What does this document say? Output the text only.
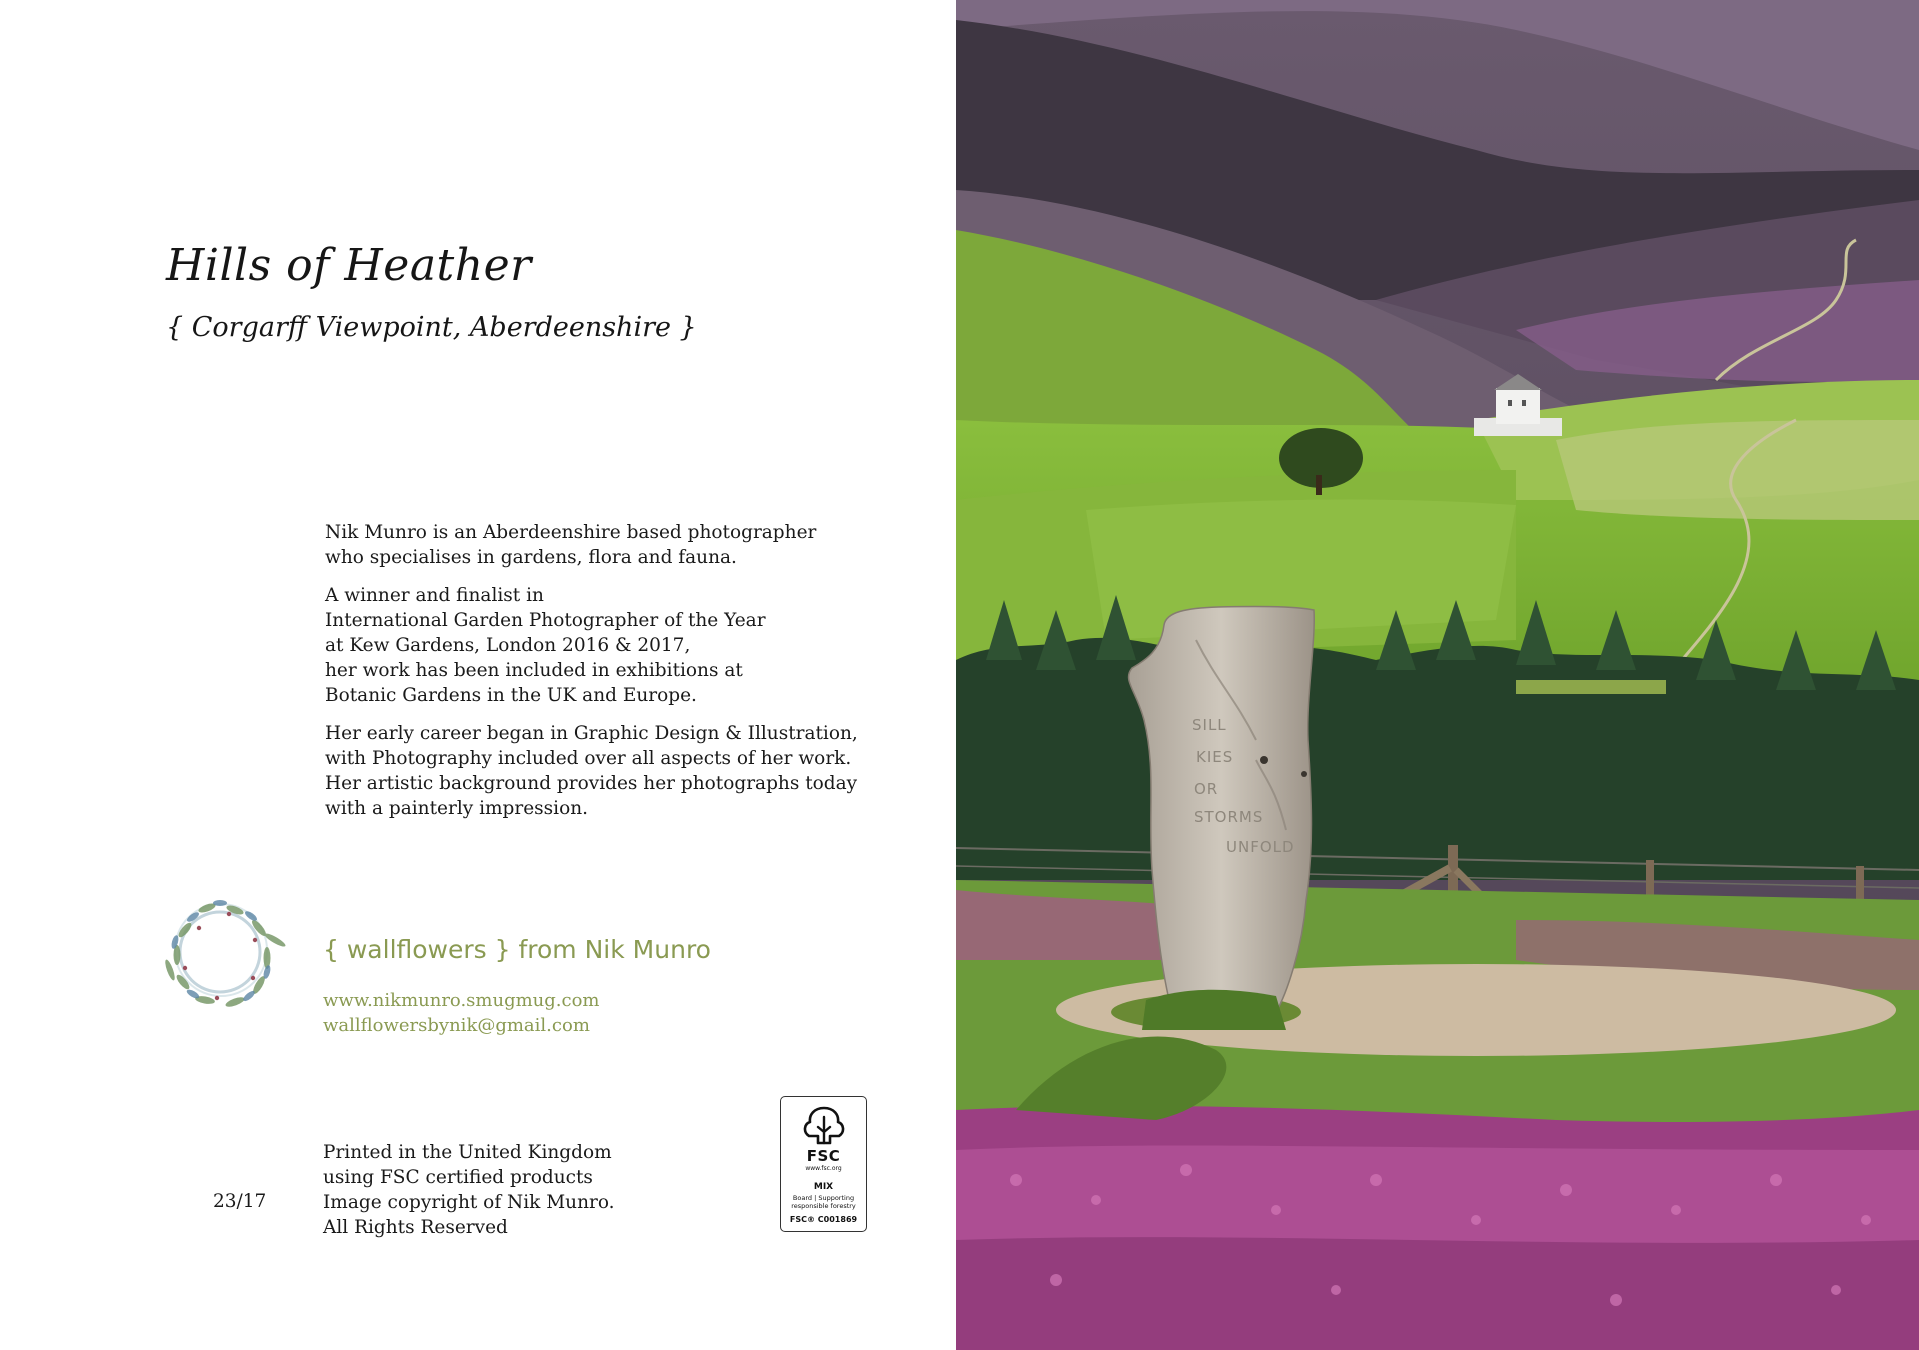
Hills of Heather
{ Corgarff Viewpoint, Aberdeenshire }

Nik Munro is an Aberdeenshire based photographer
who specialises in gardens, flora and fauna.

A winner and finalist in
International Garden Photographer of the Year
at Kew Gardens, London 2016 & 2017,
her work has been included in exhibitions at
Botanic Gardens in the UK and Europe.

Her early career began in Graphic Design & Illustration,
with Photography included over all aspects of her work.
Her artistic background provides her photographs today
with a painterly impression.

{ wallflowers } from Nik Munro
www.nikmunro.smugmug.com
wallflowersbynik@gmail.com
23/17
Printed in the United Kingdom
using FSC certified products
Image copyright of Nik Munro.
All Rights Reserved
FSC
www.fsc.org
MIX
Board | Supporting
responsible forestry
FSC® C001869
SILL
KIES
OR
STORMS
UNFOLD
